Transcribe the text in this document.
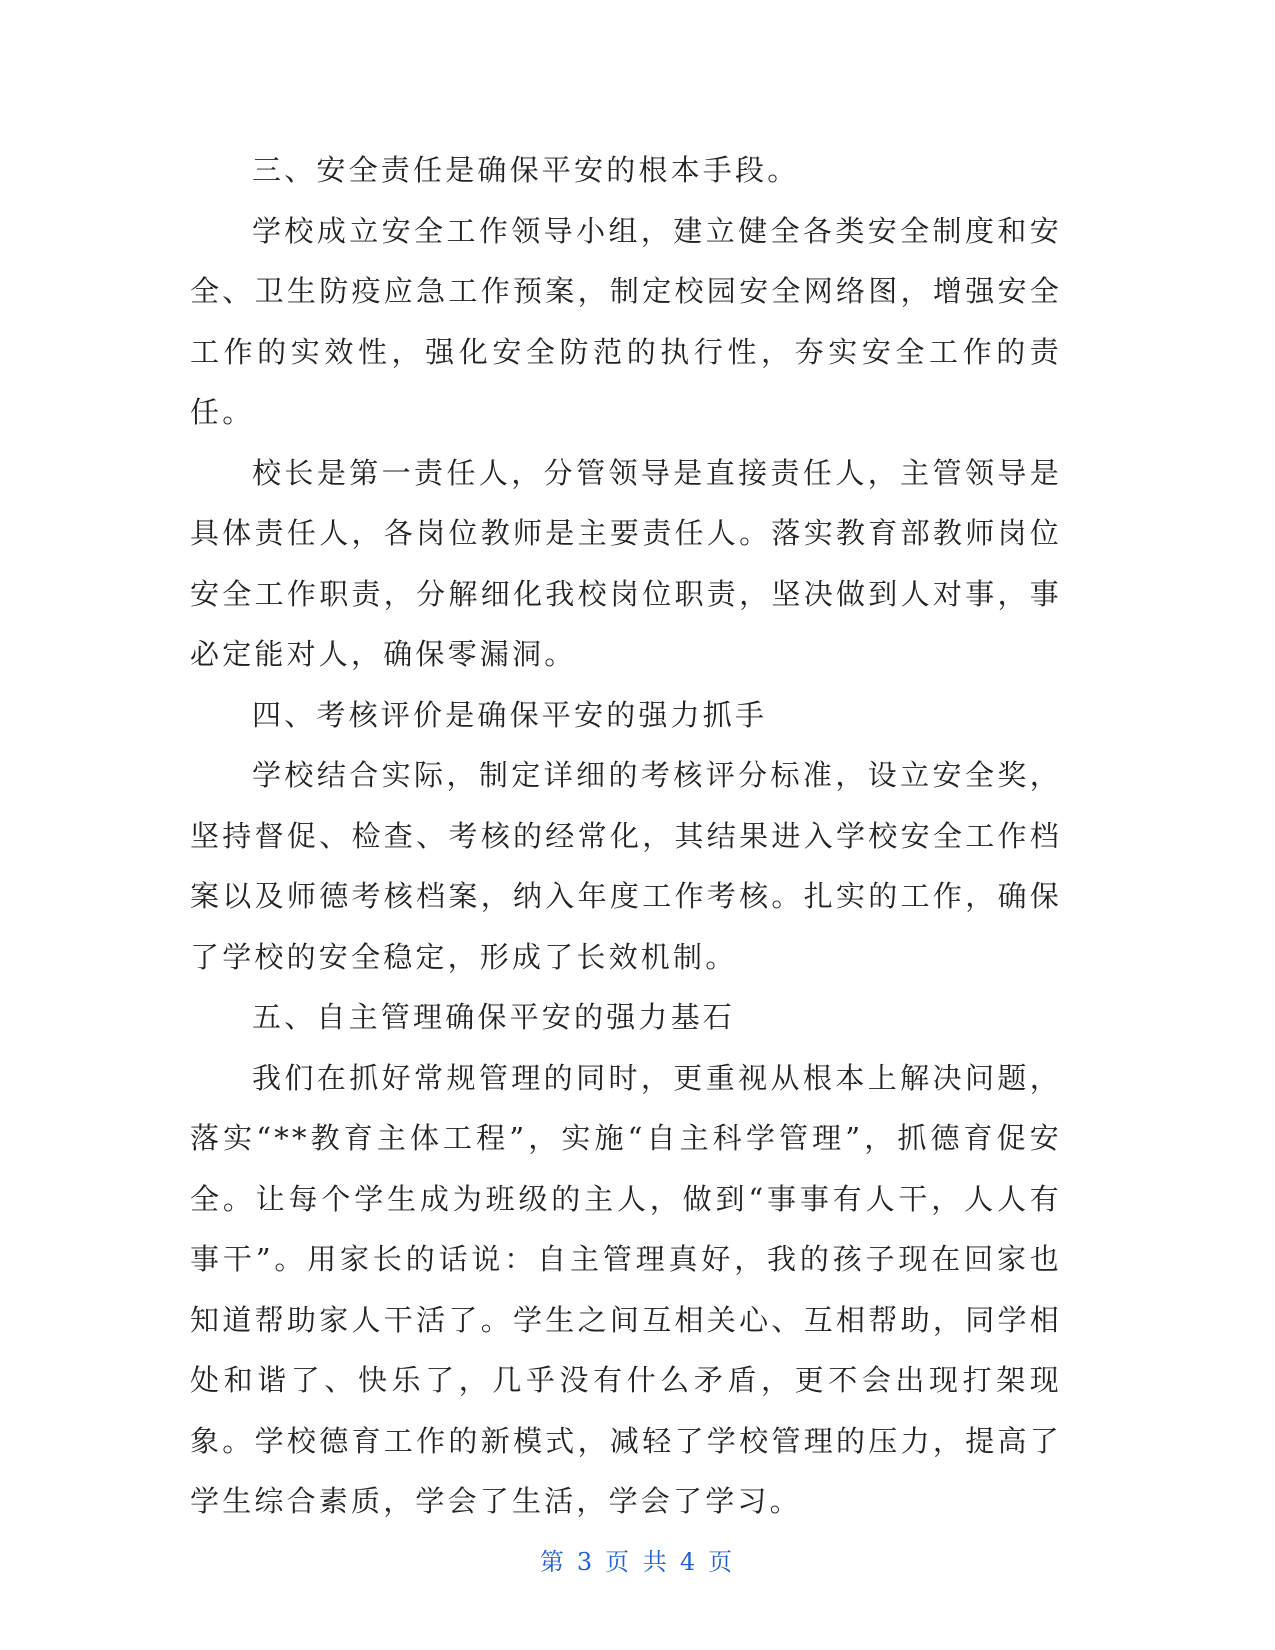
三、安全责任是确保平安的根本手段。

学校成立安全工作领导小组，建立健全各类安全制度和安全、卫生防疫应急工作预案，制定校园安全网络图，增强安全工作的实效性，强化安全防范的执行性，夯实安全工作的责任。

校长是第一责任人，分管领导是直接责任人，主管领导是具体责任人，各岗位教师是主要责任人。落实教育部教师岗位安全工作职责，分解细化我校岗位职责，坚决做到人对事，事必定能对人，确保零漏洞。

四、考核评价是确保平安的强力抓手

学校结合实际，制定详细的考核评分标准，设立安全奖，坚持督促、检查、考核的经常化，其结果进入学校安全工作档案以及师德考核档案，纳入年度工作考核。扎实的工作，确保了学校的安全稳定，形成了长效机制。

五、自主管理确保平安的强力基石

我们在抓好常规管理的同时，更重视从根本上解决问题，落实“**教育主体工程”，实施“自主科学管理”，抓德育促安全。让每个学生成为班级的主人，做到“事事有人干，人人有事干”。用家长的话说：自主管理真好，我的孩子现在回家也知道帮助家人干活了。学生之间互相关心、互相帮助，同学相处和谐了、快乐了，几乎没有什么矛盾，更不会出现打架现象。学校德育工作的新模式，减轻了学校管理的压力，提高了学生综合素质，学会了生活，学会了学习。

第 3 页 共 4 页
